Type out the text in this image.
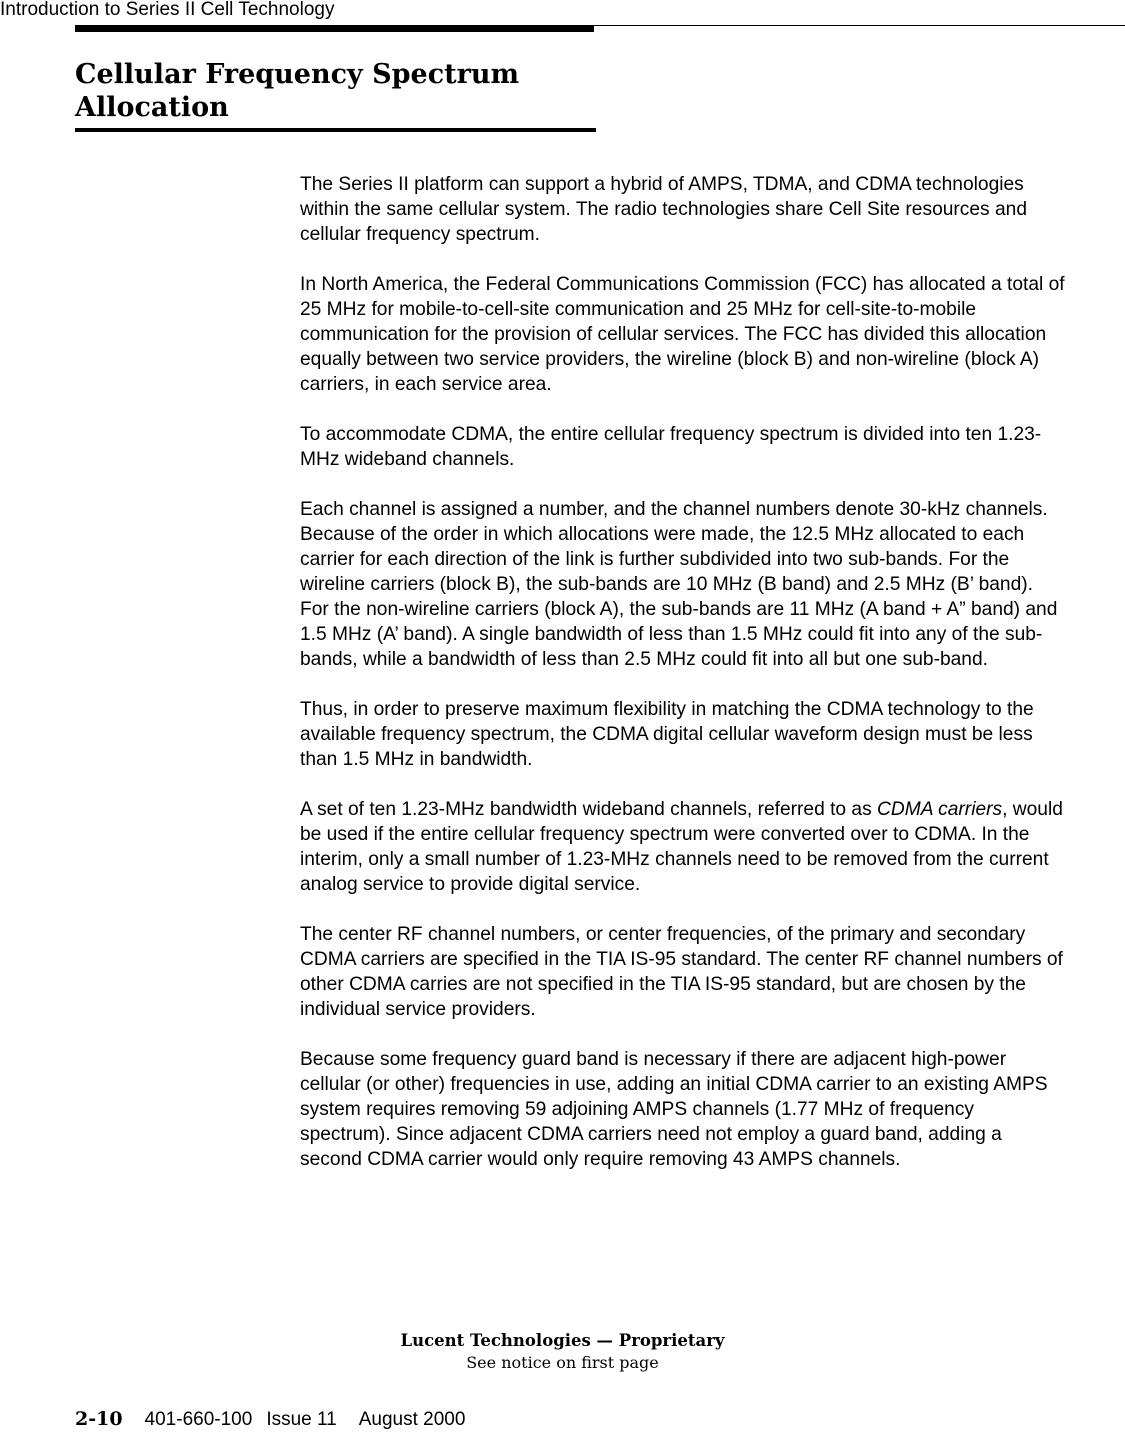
Introduction to Series II Cell Technology
Cellular Frequency Spectrum Allocation

The Series II platform can support a hybrid of AMPS, TDMA, and CDMA technologies within the same cellular system. The radio technologies share Cell Site resources and cellular frequency spectrum.

In North America, the Federal Communications Commission (FCC) has allocated a total of 25 MHz for mobile-to-cell-site communication and 25 MHz for cell-site-to-mobile communication for the provision of cellular services. The FCC has divided this allocation equally between two service providers, the wireline (block B) and non-wireline (block A) carriers, in each service area.

To accommodate CDMA, the entire cellular frequency spectrum is divided into ten 1.23-MHz wideband channels.

Each channel is assigned a number, and the channel numbers denote 30-kHz channels. Because of the order in which allocations were made, the 12.5 MHz allocated to each carrier for each direction of the link is further subdivided into two sub-bands. For the wireline carriers (block B), the sub-bands are 10 MHz (B band) and 2.5 MHz (B’ band). For the non-wireline carriers (block A), the sub-bands are 11 MHz (A band + A” band) and 1.5 MHz (A’ band). A single bandwidth of less than 1.5 MHz could fit into any of the sub-bands, while a bandwidth of less than 2.5 MHz could fit into all but one sub-band.

Thus, in order to preserve maximum flexibility in matching the CDMA technology to the available frequency spectrum, the CDMA digital cellular waveform design must be less than 1.5 MHz in bandwidth.

A set of ten 1.23-MHz bandwidth wideband channels, referred to as CDMA carriers, would be used if the entire cellular frequency spectrum were converted over to CDMA. In the interim, only a small number of 1.23-MHz channels need to be removed from the current analog service to provide digital service.

The center RF channel numbers, or center frequencies, of the primary and secondary CDMA carriers are specified in the TIA IS-95 standard. The center RF channel numbers of other CDMA carries are not specified in the TIA IS-95 standard, but are chosen by the individual service providers.

Because some frequency guard band is necessary if there are adjacent high-power cellular (or other) frequencies in use, adding an initial CDMA carrier to an existing AMPS system requires removing 59 adjoining AMPS channels (1.77 MHz of frequency spectrum). Since adjacent CDMA carriers need not employ a guard band, adding a second CDMA carrier would only require removing 43 AMPS channels.

Lucent Technologies — Proprietary
See notice on first page
2-10 401-660-100 Issue 11 August 2000
